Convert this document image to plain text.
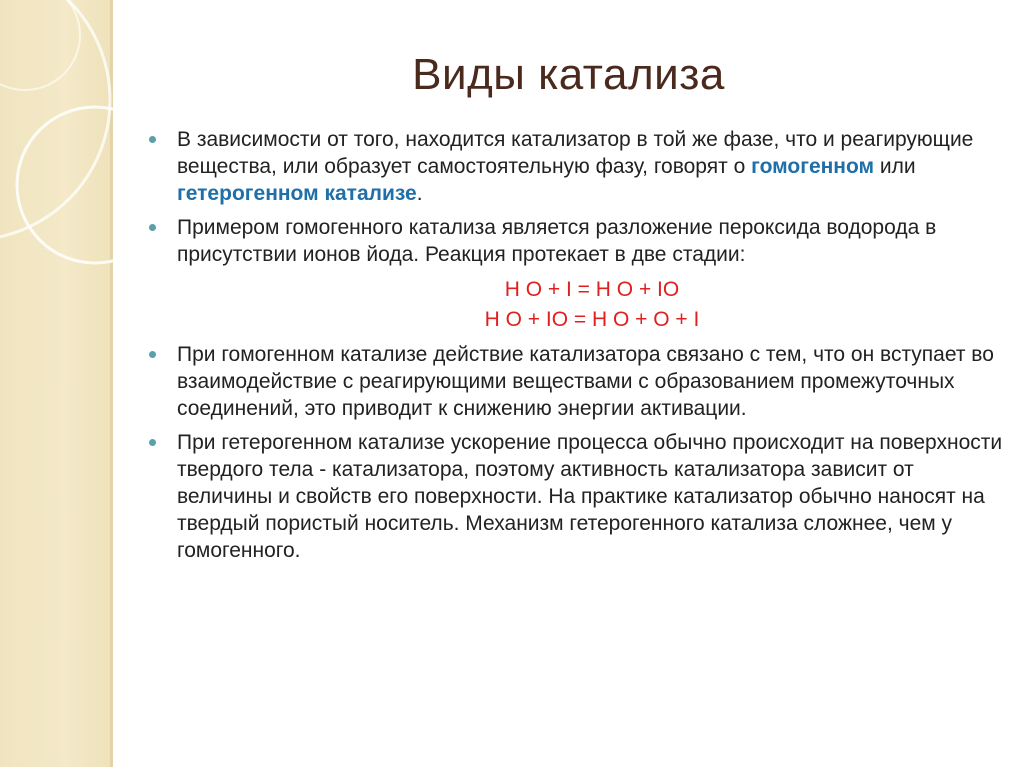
Виды катализа

В зависимости от того, находится катализатор в той же фазе, что и реагирующие вещества, или образует самостоятельную фазу, говорят о гомогенном или гетерогенном катализе.

Примером гомогенного катализа является разложение пероксида водорода в присутствии ионов йода. Реакция протекает в две стадии:

Н О + I = Н О + IO

Н О + IO = Н О + О + I

При гомогенном катализе действие катализатора связано с тем, что он вступает во взаимодействие с реагирующими веществами с образованием промежуточных соединений, это приводит к снижению энергии активации.

При гетерогенном катализе ускорение процесса обычно происходит на поверхности твердого тела - катализатора, поэтому активность катализатора зависит от величины и свойств его поверхности. На практике катализатор обычно наносят на твердый пористый носитель. Механизм гетерогенного катализа сложнее, чем у гомогенного.
